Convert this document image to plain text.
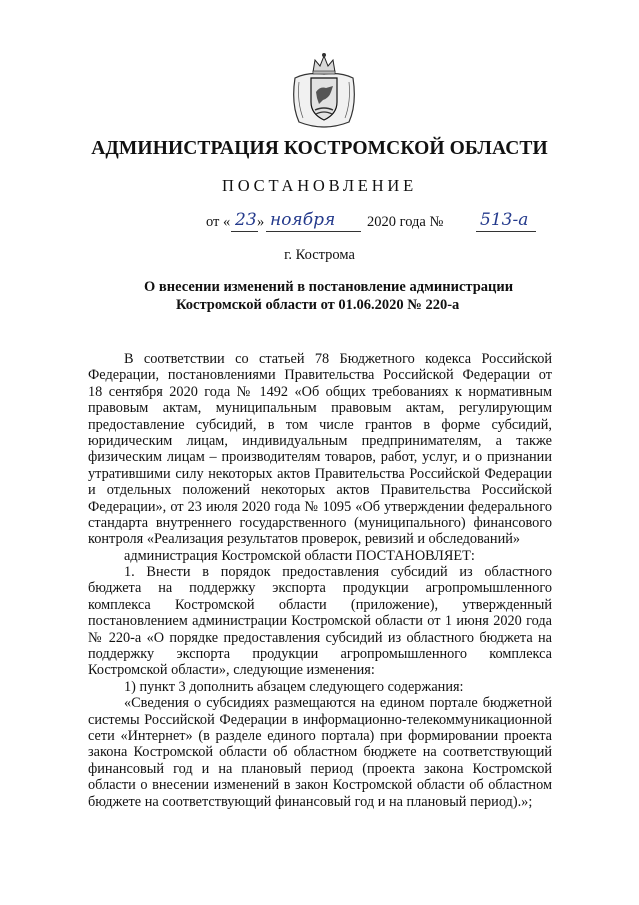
АДМИНИСТРАЦИЯ КОСТРОМСКОЙ ОБЛАСТИ
ПОСТАНОВЛЕНИЕ
от « 23 » ноября 2020 года № 513-а
г. Кострома
О внесении изменений в постановление администрации
Костромской области от 01.06.2020 № 220-а
В соответствии со статьей 78 Бюджетного кодекса Российской
Федерации, постановлениями Правительства Российской Федерации от
18 сентября 2020 года № 1492 «Об общих требованиях к нормативным
правовым актам, муниципальным правовым актам, регулирующим
предоставление субсидий, в том числе грантов в форме субсидий,
юридическим лицам, индивидуальным предпринимателям, а также
физическим лицам – производителям товаров, работ, услуг, и о признании
утратившими силу некоторых актов Правительства Российской Федерации
и отдельных положений некоторых актов Правительства Российской
Федерации», от 23 июля 2020 года № 1095 «Об утверждении федерального
стандарта внутреннего государственного (муниципального) финансового
контроля «Реализация результатов проверок, ревизий и обследований»
администрация Костромской области ПОСТАНОВЛЯЕТ:
1. Внести в порядок предоставления субсидий из областного
бюджета на поддержку экспорта продукции агропромышленного
комплекса Костромской области (приложение), утвержденный
постановлением администрации Костромской области от 1 июня 2020 года
№ 220-а «О порядке предоставления субсидий из областного бюджета на
поддержку экспорта продукции агропромышленного комплекса
Костромской области», следующие изменения:
1) пункт 3 дополнить абзацем следующего содержания:
«Сведения о субсидиях размещаются на едином портале бюджетной
системы Российской Федерации в информационно-телекоммуникационной
сети «Интернет» (в разделе единого портала) при формировании проекта
закона Костромской области об областном бюджете на соответствующий
финансовый год и на плановый период (проекта закона Костромской
области о внесении изменений в закон Костромской области об областном
бюджете на соответствующий финансовый год и на плановый период).»;
